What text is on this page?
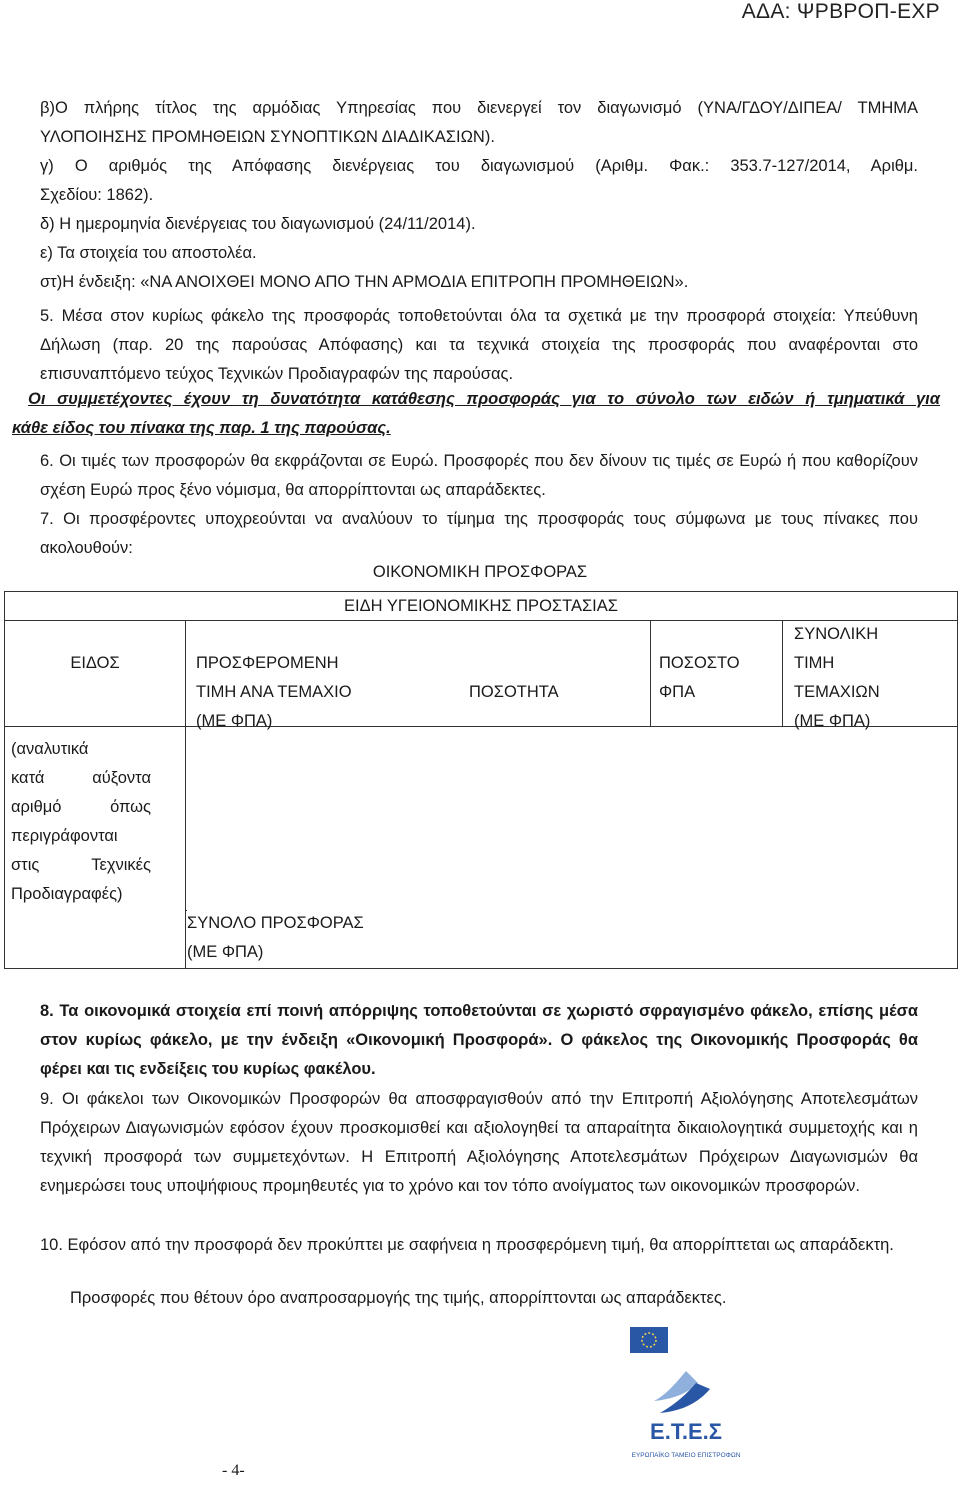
ΑΔΑ: ΨΡΒΡΟΠ-ΕΧΡ
β)Ο πλήρης τίτλος της αρμόδιας Υπηρεσίας που διενεργεί τον διαγωνισμό (ΥΝΑ/ΓΔΟΥ/ΔΙΠΕΑ/ ΤΜΗΜΑ
ΥΛΟΠΟΙΗΣΗΣ ΠΡΟΜΗΘΕΙΩΝ ΣΥΝΟΠΤΙΚΩΝ ΔΙΑΔΙΚΑΣΙΩΝ).
γ) Ο αριθμός της Απόφασης διενέργειας του διαγωνισμού (Αριθμ. Φακ.: 353.7-127/2014, Αριθμ.
Σχεδίου: 1862).
δ) Η ημερομηνία διενέργειας του διαγωνισμού (24/11/2014).
ε) Τα στοιχεία του αποστολέα.
στ)Η ένδειξη: «ΝΑ ΑΝΟΙΧΘΕΙ ΜΟΝΟ ΑΠΟ ΤΗΝ ΑΡΜΟΔΙΑ ΕΠΙΤΡΟΠΗ ΠΡΟΜΗΘΕΙΩΝ».
5. Μέσα στον κυρίως φάκελο της προσφοράς τοποθετούνται όλα τα σχετικά με την προσφορά στοιχεία: Υπεύθυνη Δήλωση (παρ. 20 της παρούσας Απόφασης) και τα τεχνικά στοιχεία της προσφοράς που αναφέρονται στο επισυναπτόμενο τεύχος Τεχνικών Προδιαγραφών της παρούσας.
Οι συμμετέχοντες έχουν τη δυνατότητα κατάθεσης προσφοράς για το σύνολο των ειδών ή τμηματικά για
κάθε είδος του πίνακα της παρ. 1 της παρούσας.
6. Οι τιμές των προσφορών θα εκφράζονται σε Ευρώ. Προσφορές που δεν δίνουν τις τιμές σε Ευρώ ή που καθορίζουν σχέση Ευρώ προς ξένο νόμισμα, θα απορρίπτονται ως απαράδεκτες.
7. Οι προσφέροντες υποχρεούνται να αναλύουν το τίμημα της προσφοράς τους σύμφωνα με τους πίνακες που ακολουθούν:
ΟΙΚΟΝΟΜΙΚΗ ΠΡΟΣΦΟΡΑΣ
ΕΙΔΗ ΥΓΕΙΟΝΟΜΙΚΗΣ ΠΡΟΣΤΑΣΙΑΣ
ΕΙΔΟΣ	ΠΡΟΣΦΕΡΟΜΕΝΗ
ΤΙΜΗ ΑΝΑ ΤΕΜΑΧΙΟ
(ΜΕ ΦΠΑ)
ΠΟΣΟΤΗΤΑ
ΠΟΣΟΣΤΟ
ΦΠΑ
ΣΥΝΟΛΙΚΗ
ΤΙΜΗ
ΤΕΜΑΧΙΩΝ
(ΜΕ ΦΠΑ)
(αναλυτικά
κατά αύξοντα
αριθμό όπως
περιγράφονται
στις Τεχνικές
Προδιαγραφές)
ΣΥΝΟΛΟ ΠΡΟΣΦΟΡΑΣ
(ΜΕ ΦΠΑ)
8. Τα οικονομικά στοιχεία επί ποινή απόρριψης τοποθετούνται σε χωριστό σφραγισμένο φάκελο, επίσης μέσα στον κυρίως φάκελο, με την ένδειξη «Οικονομική Προσφορά». Ο φάκελος της Οικονομικής Προσφοράς θα φέρει και τις ενδείξεις του κυρίως φακέλου.
9. Οι φάκελοι των Οικονομικών Προσφορών θα αποσφραγισθούν από την Επιτροπή Αξιολόγησης Αποτελεσμάτων Πρόχειρων Διαγωνισμών εφόσον έχουν προσκομισθεί και αξιολογηθεί τα απαραίτητα δικαιολογητικά συμμετοχής και η τεχνική προσφορά των συμμετεχόντων. Η Επιτροπή Αξιολόγησης Αποτελεσμάτων Πρόχειρων Διαγωνισμών θα ενημερώσει τους υποψήφιους προμηθευτές για το χρόνο και τον τόπο ανοίγματος των οικονομικών προσφορών.
10. Εφόσον από την προσφορά δεν προκύπτει με σαφήνεια η προσφερόμενη τιμή, θα απορρίπτεται ως απαράδεκτη.
Προσφορές που θέτουν όρο αναπροσαρμογής της τιμής, απορρίπτονται ως απαράδεκτες.
Ε.Τ.Ε.Σ
ΕΥΡΩΠΑΪΚΟ ΤΑΜΕΙΟ ΕΠΙΣΤΡΟΦΩΝ
- 4-
